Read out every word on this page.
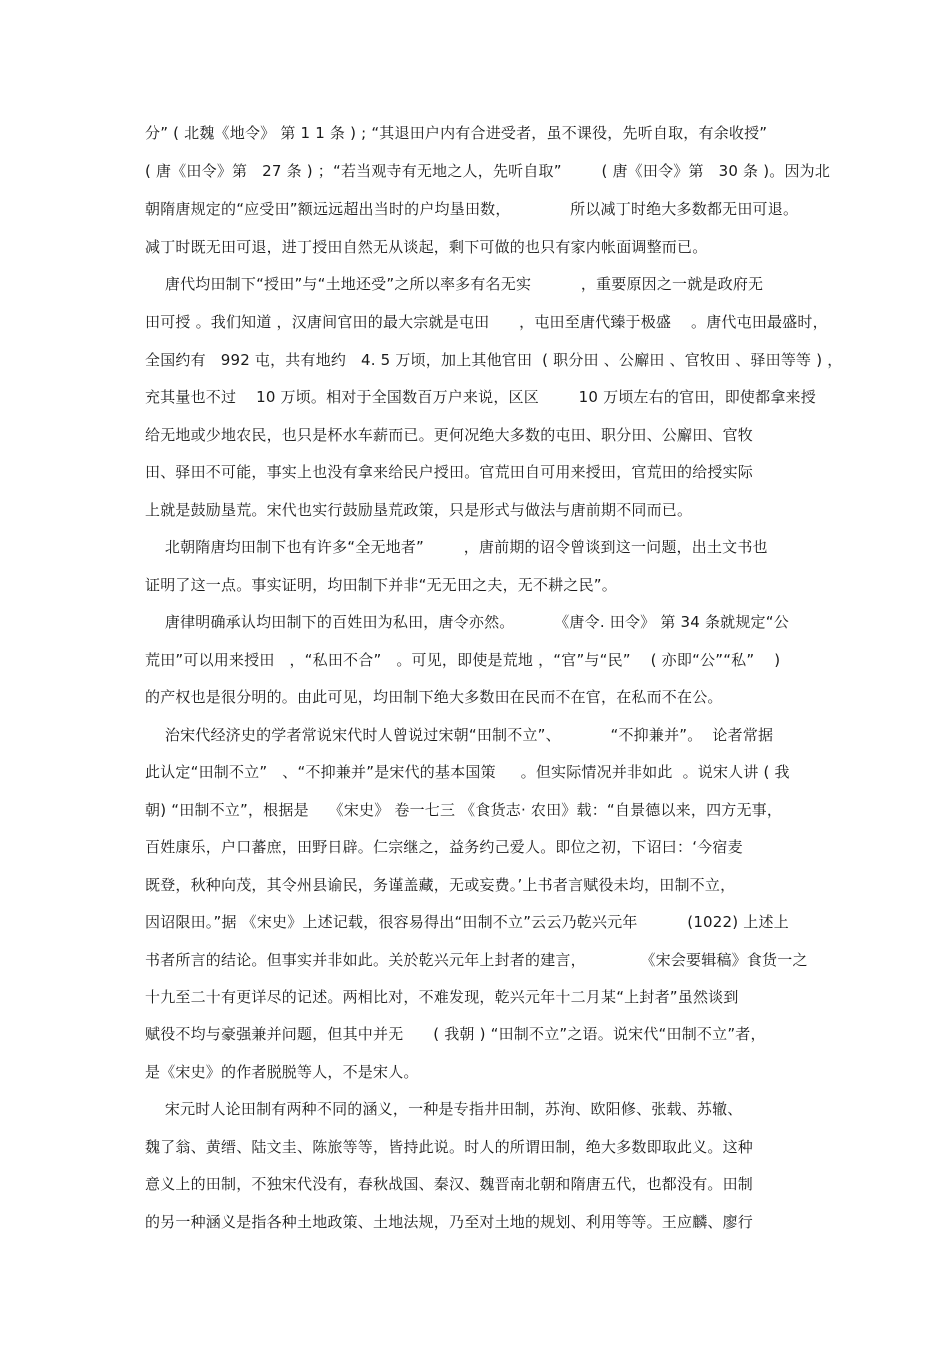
分” ( 北魏《地令》 第 1 1 条 ) ; “其退田户内有合进受者，虽不课役，先听自取，有余收授”
( 唐《田令》第   27 条 ) ；“若当观寺有无地之人，先听自取”        ( 唐《田令》第   30 条 )。因为北
朝隋唐规定的“应受田”额远远超出当时的户均垦田数，            所以减丁时绝大多数都无田可退。
减丁时既无田可退，进丁授田自然无从谈起，剩下可做的也只有家内帐面调整而已。
唐代均田制下“授田”与“土地还受”之所以率多有名无实          ，重要原因之一就是政府无
田可授 。我们知道 ，汉唐间官田的最大宗就是屯田      ，屯田至唐代臻于极盛    。唐代屯田最盛时，
全国约有   992 屯，共有地约   4. 5 万顷，加上其他官田  ( 职分田 、公廨田 、官牧田 、驿田等等 ) ，
充其量也不过    10 万顷。相对于全国数百万户来说，区区        10 万顷左右的官田，即使都拿来授
给无地或少地农民，也只是杯水车薪而已。更何况绝大多数的屯田、职分田、公廨田、官牧
田、驿田不可能，事实上也没有拿来给民户授田。官荒田自可用来授田，官荒田的给授实际
上就是鼓励垦荒。宋代也实行鼓励垦荒政策，只是形式与做法与唐前期不同而已。
北朝隋唐均田制下也有许多“全无地者”        ，唐前期的诏令曾谈到这一问题，出土文书也
证明了这一点。事实证明，均田制下并非“无无田之夫，无不耕之民”。
唐律明确承认均田制下的百姓田为私田，唐令亦然。        《唐令. 田令》 第 34 条就规定“公
荒田”可以用来授田   ，“私田不合”   。可见，即使是荒地 ，“官”与“民”    ( 亦即“公”“私”    )
的产权也是很分明的。由此可见，均田制下绝大多数田在民而不在官，在私而不在公。
治宋代经济史的学者常说宋代时人曾说过宋朝“田制不立”、          “不抑兼并”。  论者常据
此认定“田制不立”   、“不抑兼并”是宋代的基本国策     。但实际情况并非如此  。说宋人讲 ( 我
朝) “田制不立”，根据是    《宋史》 卷一七三 《食货志· 农田》载：“自景德以来，四方无事，
百姓康乐，户口蕃庶，田野日辟。仁宗继之，益务约己爱人。即位之初，下诏曰：‘今宿麦
既登，秋种向茂，其令州县谕民，务谨盖藏，无或妄费。’上书者言赋役未均，田制不立，
因诏限田。”据 《宋史》上述记载，很容易得出“田制不立”云云乃乾兴元年          (1022) 上述上
书者所言的结论。但事实并非如此。关於乾兴元年上封者的建言，           《宋会要辑稿》食货一之
十九至二十有更详尽的记述。两相比对，不难发现，乾兴元年十二月某“上封者”虽然谈到
赋役不均与豪强兼并问题，但其中并无      ( 我朝 ) “田制不立”之语。说宋代“田制不立”者，
是《宋史》的作者脱脱等人，不是宋人。
宋元时人论田制有两种不同的涵义，一种是专指井田制，苏洵、欧阳修、张载、苏辙、
魏了翁、黄缙、陆文圭、陈旅等等，皆持此说。时人的所谓田制，绝大多数即取此义。这种
意义上的田制，不独宋代没有，春秋战国、秦汉、魏晋南北朝和隋唐五代，也都没有。田制
的另一种涵义是指各种土地政策、土地法规，乃至对土地的规划、利用等等。王应麟、廖行
